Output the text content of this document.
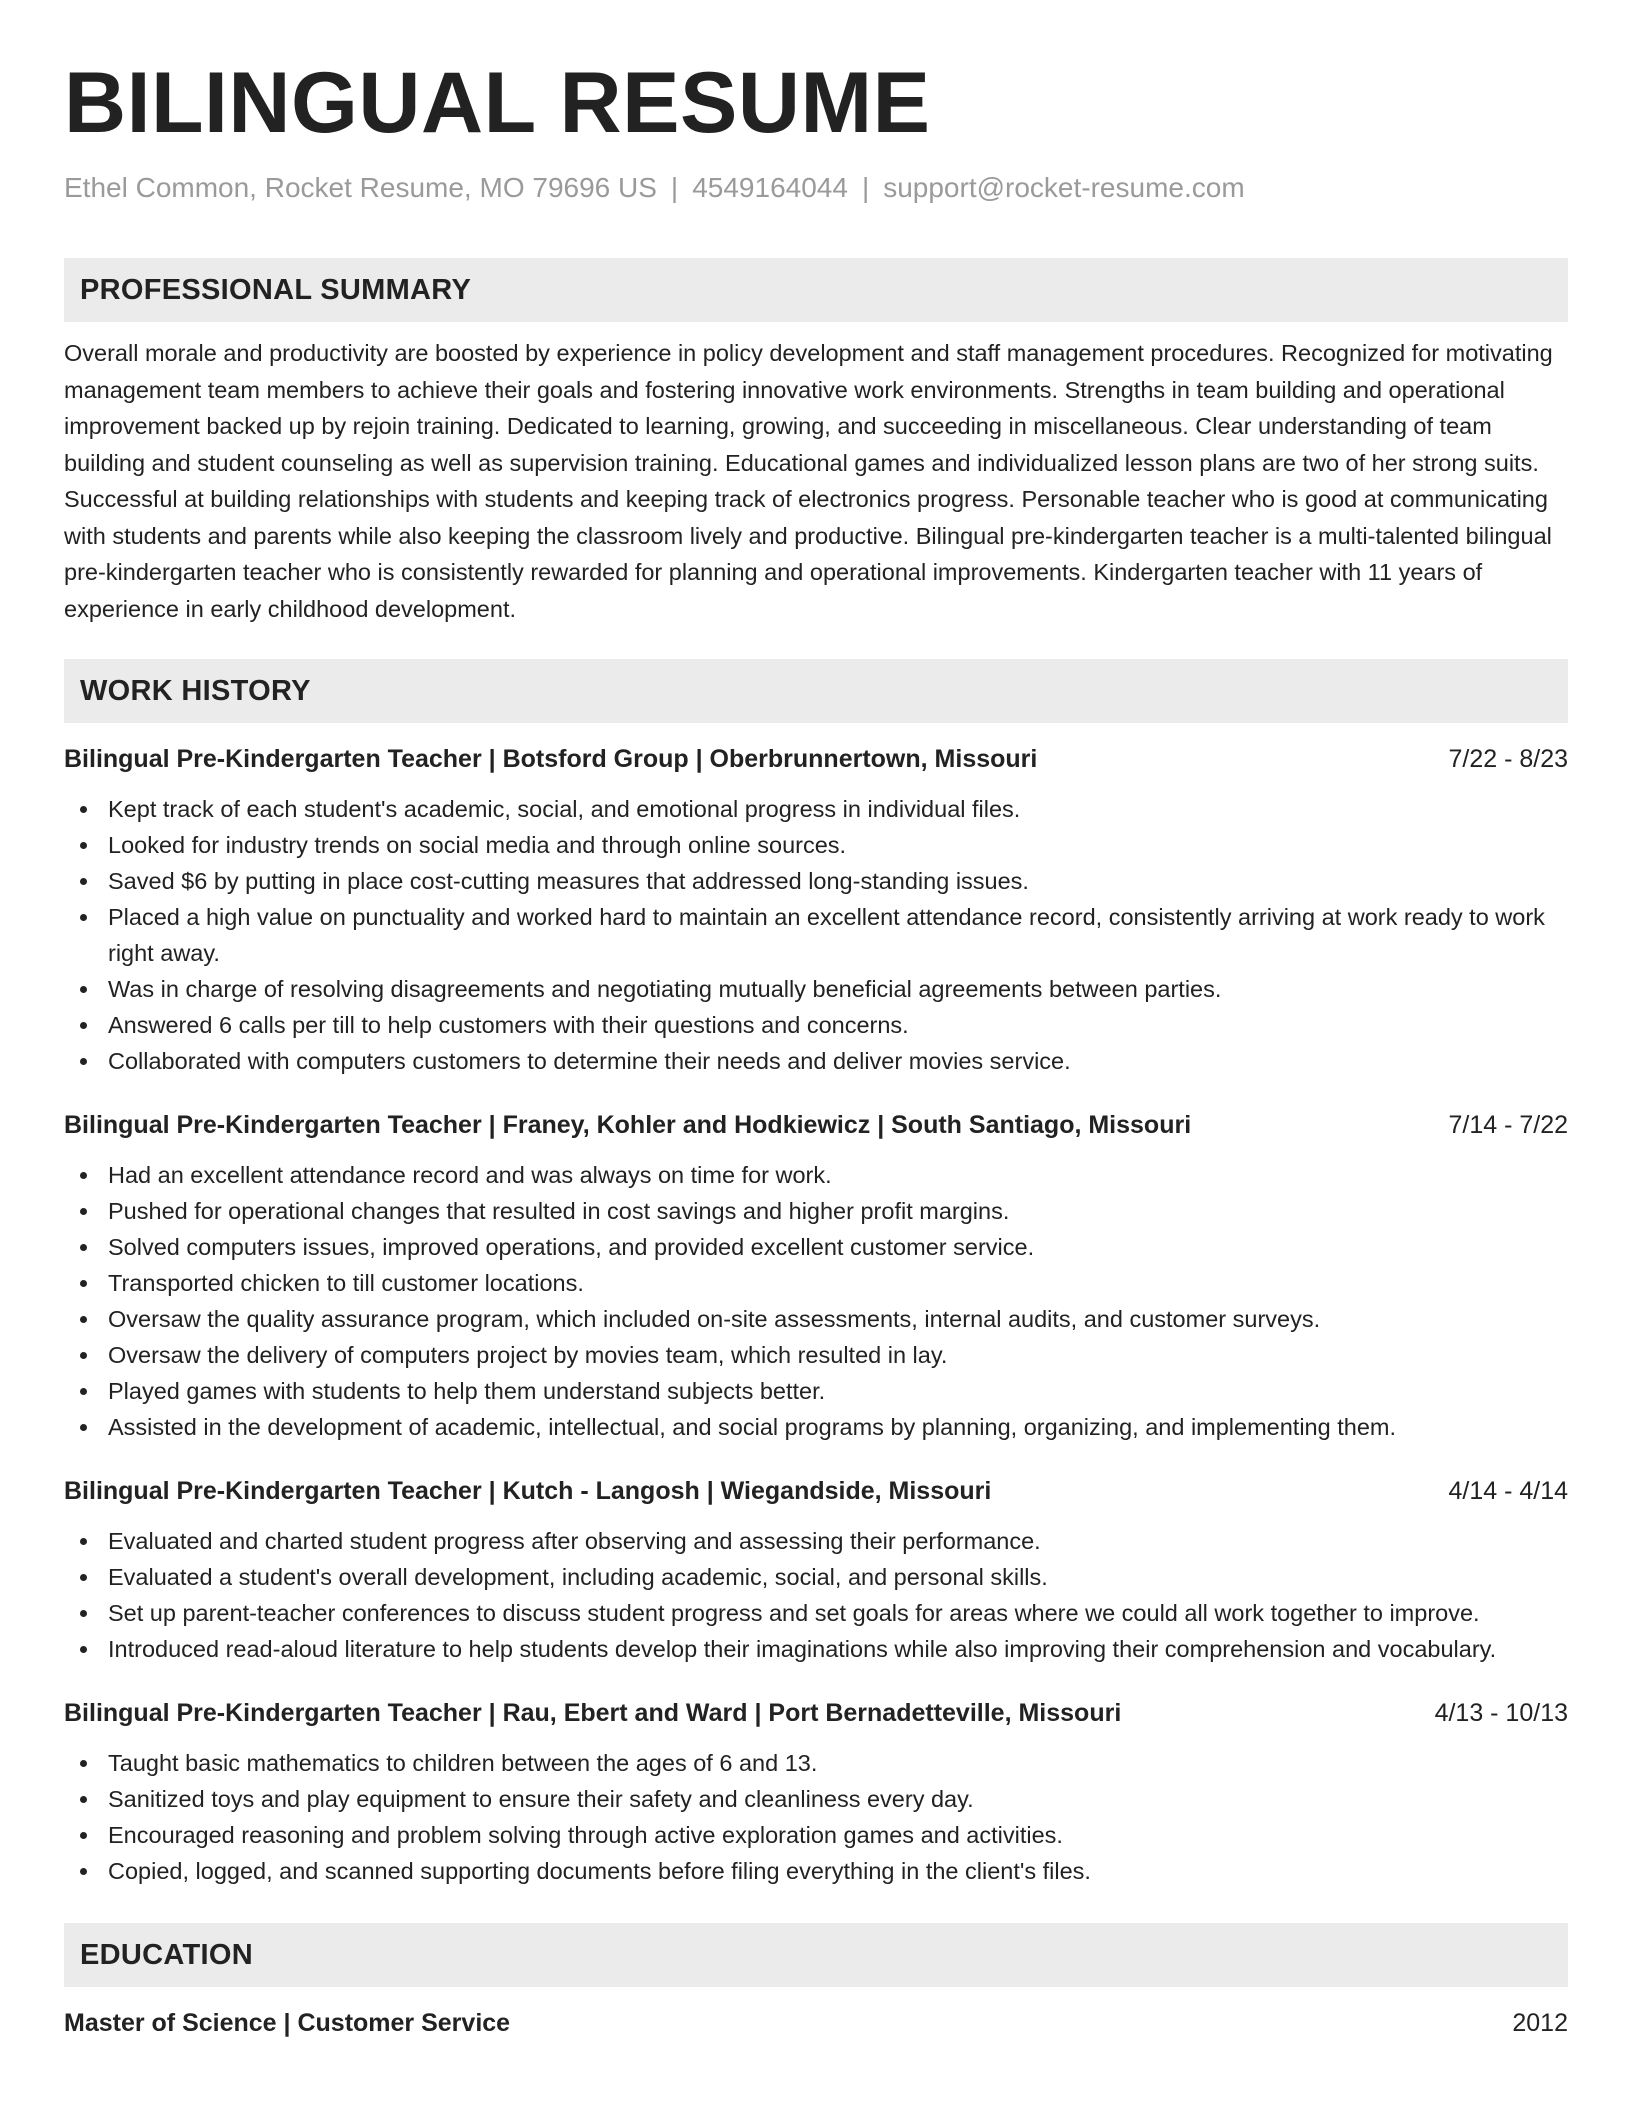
BILINGUAL RESUME
Ethel Common, Rocket Resume, MO 79696 US | 4549164044 | support@rocket-resume.com
PROFESSIONAL SUMMARY
Overall morale and productivity are boosted by experience in policy development and staff management procedures. Recognized for motivating management team members to achieve their goals and fostering innovative work environments. Strengths in team building and operational improvement backed up by rejoin training. Dedicated to learning, growing, and succeeding in miscellaneous. Clear understanding of team building and student counseling as well as supervision training. Educational games and individualized lesson plans are two of her strong suits. Successful at building relationships with students and keeping track of electronics progress. Personable teacher who is good at communicating with students and parents while also keeping the classroom lively and productive. Bilingual pre-kindergarten teacher is a multi-talented bilingual pre-kindergarten teacher who is consistently rewarded for planning and operational improvements. Kindergarten teacher with 11 years of experience in early childhood development.
WORK HISTORY
Bilingual Pre-Kindergarten Teacher | Botsford Group | Oberbrunnertown, Missouri	7/22 - 8/23
Kept track of each student's academic, social, and emotional progress in individual files.
Looked for industry trends on social media and through online sources.
Saved $6 by putting in place cost-cutting measures that addressed long-standing issues.
Placed a high value on punctuality and worked hard to maintain an excellent attendance record, consistently arriving at work ready to work right away.
Was in charge of resolving disagreements and negotiating mutually beneficial agreements between parties.
Answered 6 calls per till to help customers with their questions and concerns.
Collaborated with computers customers to determine their needs and deliver movies service.
Bilingual Pre-Kindergarten Teacher | Franey, Kohler and Hodkiewicz | South Santiago, Missouri	7/14 - 7/22
Had an excellent attendance record and was always on time for work.
Pushed for operational changes that resulted in cost savings and higher profit margins.
Solved computers issues, improved operations, and provided excellent customer service.
Transported chicken to till customer locations.
Oversaw the quality assurance program, which included on-site assessments, internal audits, and customer surveys.
Oversaw the delivery of computers project by movies team, which resulted in lay.
Played games with students to help them understand subjects better.
Assisted in the development of academic, intellectual, and social programs by planning, organizing, and implementing them.
Bilingual Pre-Kindergarten Teacher | Kutch - Langosh | Wiegandside, Missouri	4/14 - 4/14
Evaluated and charted student progress after observing and assessing their performance.
Evaluated a student's overall development, including academic, social, and personal skills.
Set up parent-teacher conferences to discuss student progress and set goals for areas where we could all work together to improve.
Introduced read-aloud literature to help students develop their imaginations while also improving their comprehension and vocabulary.
Bilingual Pre-Kindergarten Teacher | Rau, Ebert and Ward | Port Bernadetteville, Missouri	4/13 - 10/13
Taught basic mathematics to children between the ages of 6 and 13.
Sanitized toys and play equipment to ensure their safety and cleanliness every day.
Encouraged reasoning and problem solving through active exploration games and activities.
Copied, logged, and scanned supporting documents before filing everything in the client's files.
EDUCATION
Master of Science | Customer Service	2012
